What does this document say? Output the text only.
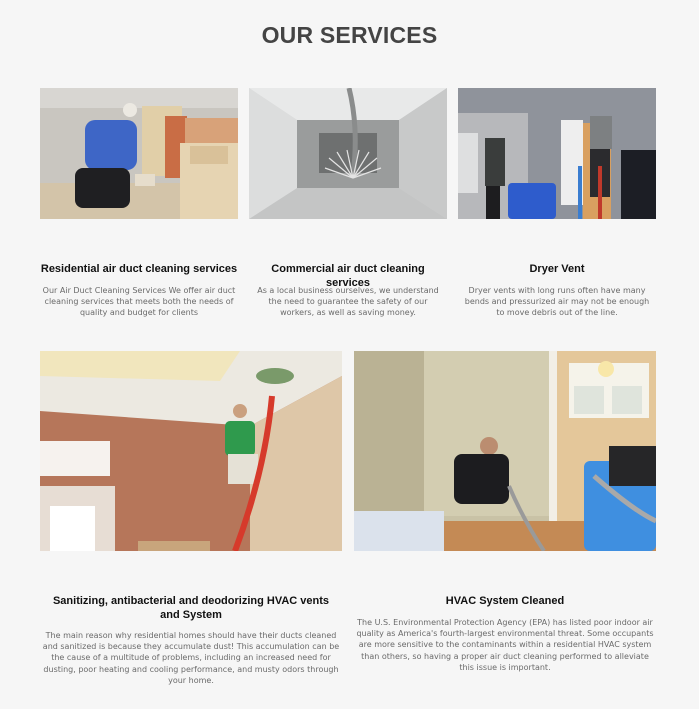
OUR SERVICES
Residential air duct cleaning services

Our Air Duct Cleaning Services We offer air duct cleaning services that meets both the needs of quality and budget for clients

Commercial air duct cleaning services

As a local business ourselves, we understand the need to guarantee the safety of our workers, as well as saving money.

Dryer Vent

Dryer vents with long runs often have many bends and pressurized air may not be enough to move debris out of the line.

Sanitizing, antibacterial and deodorizing HVAC vents and System

The main reason why residential homes should have their ducts cleaned and sanitized is because they accumulate dust! This accumulation can be the cause of a multitude of problems, including an increased need for dusting, poor heating and cooling performance, and musty odors through your home.

HVAC System Cleaned

The U.S. Environmental Protection Agency (EPA) has listed poor indoor air quality as America's fourth-largest environmental threat. Some occupants are more sensitive to the contaminants within a residential HVAC system than others, so having a proper air duct cleaning performed to alleviate this issue is important.
